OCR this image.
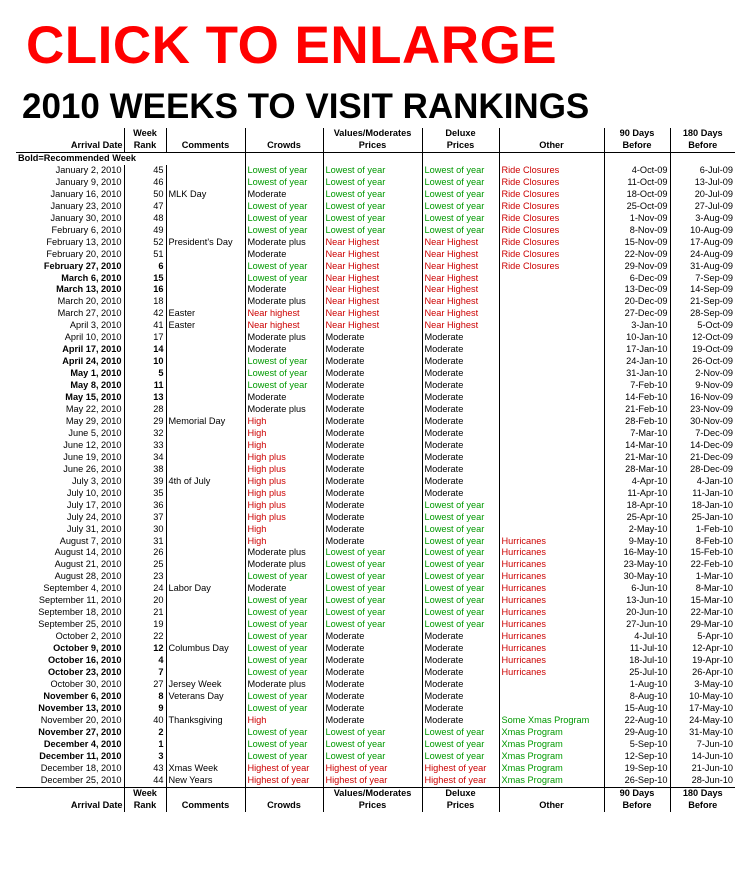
CLICK TO ENLARGE
2010 WEEKS TO VISIT RANKINGS
	Week			Values/Moderates	Deluxe		90 Days	180 Days
Arrival Date	Rank	Comments	Crowds	Prices	Prices	Other	Before	Before
Bold=Recommended Week								
January 2, 2010	45		Lowest of year	Lowest of year	Lowest of year	Ride Closures	4-Oct-09	6-Jul-09
January 9, 2010	46		Lowest of year	Lowest of year	Lowest of year	Ride Closures	11-Oct-09	13-Jul-09
January 16, 2010	50	MLK Day	Moderate	Lowest of year	Lowest of year	Ride Closures	18-Oct-09	20-Jul-09
January 23, 2010	47		Lowest of year	Lowest of year	Lowest of year	Ride Closures	25-Oct-09	27-Jul-09
January 30, 2010	48		Lowest of year	Lowest of year	Lowest of year	Ride Closures	1-Nov-09	3-Aug-09
February 6, 2010	49		Lowest of year	Lowest of year	Lowest of year	Ride Closures	8-Nov-09	10-Aug-09
February 13, 2010	52	President's Day	Moderate plus	Near Highest	Near Highest	Ride Closures	15-Nov-09	17-Aug-09
February 20, 2010	51		Moderate	Near Highest	Near Highest	Ride Closures	22-Nov-09	24-Aug-09
February 27, 2010	6		Lowest of year	Near Highest	Near Highest	Ride Closures	29-Nov-09	31-Aug-09
March 6, 2010	15		Lowest of year	Near Highest	Near Highest		6-Dec-09	7-Sep-09
March 13, 2010	16		Moderate	Near Highest	Near Highest		13-Dec-09	14-Sep-09
March 20, 2010	18		Moderate plus	Near Highest	Near Highest		20-Dec-09	21-Sep-09
March 27, 2010	42	Easter	Near highest	Near Highest	Near Highest		27-Dec-09	28-Sep-09
April 3, 2010	41	Easter	Near highest	Near Highest	Near Highest		3-Jan-10	5-Oct-09
April 10, 2010	17		Moderate plus	Moderate	Moderate		10-Jan-10	12-Oct-09
April 17, 2010	14		Moderate	Moderate	Moderate		17-Jan-10	19-Oct-09
April 24, 2010	10		Lowest of year	Moderate	Moderate		24-Jan-10	26-Oct-09
May 1, 2010	5		Lowest of year	Moderate	Moderate		31-Jan-10	2-Nov-09
May 8, 2010	11		Lowest of year	Moderate	Moderate		7-Feb-10	9-Nov-09
May 15, 2010	13		Moderate	Moderate	Moderate		14-Feb-10	16-Nov-09
May 22, 2010	28		Moderate plus	Moderate	Moderate		21-Feb-10	23-Nov-09
May 29, 2010	29	Memorial Day	High	Moderate	Moderate		28-Feb-10	30-Nov-09
June 5, 2010	32		High	Moderate	Moderate		7-Mar-10	7-Dec-09
June 12, 2010	33		High	Moderate	Moderate		14-Mar-10	14-Dec-09
June 19, 2010	34		High plus	Moderate	Moderate		21-Mar-10	21-Dec-09
June 26, 2010	38		High plus	Moderate	Moderate		28-Mar-10	28-Dec-09
July 3, 2010	39	4th of July	High plus	Moderate	Moderate		4-Apr-10	4-Jan-10
July 10, 2010	35		High plus	Moderate	Moderate		11-Apr-10	11-Jan-10
July 17, 2010	36		High plus	Moderate	Lowest of year		18-Apr-10	18-Jan-10
July 24, 2010	37		High plus	Moderate	Lowest of year		25-Apr-10	25-Jan-10
July 31, 2010	30		High	Moderate	Lowest of year		2-May-10	1-Feb-10
August 7, 2010	31		High	Moderate	Lowest of year	Hurricanes	9-May-10	8-Feb-10
August 14, 2010	26		Moderate plus	Lowest of year	Lowest of year	Hurricanes	16-May-10	15-Feb-10
August 21, 2010	25		Moderate plus	Lowest of year	Lowest of year	Hurricanes	23-May-10	22-Feb-10
August 28, 2010	23		Lowest of year	Lowest of year	Lowest of year	Hurricanes	30-May-10	1-Mar-10
September 4, 2010	24	Labor Day	Moderate	Lowest of year	Lowest of year	Hurricanes	6-Jun-10	8-Mar-10
September 11, 2010	20		Lowest of year	Lowest of year	Lowest of year	Hurricanes	13-Jun-10	15-Mar-10
September 18, 2010	21		Lowest of year	Lowest of year	Lowest of year	Hurricanes	20-Jun-10	22-Mar-10
September 25, 2010	19		Lowest of year	Lowest of year	Lowest of year	Hurricanes	27-Jun-10	29-Mar-10
October 2, 2010	22		Lowest of year	Moderate	Moderate	Hurricanes	4-Jul-10	5-Apr-10
October 9, 2010	12	Columbus Day	Lowest of year	Moderate	Moderate	Hurricanes	11-Jul-10	12-Apr-10
October 16, 2010	4		Lowest of year	Moderate	Moderate	Hurricanes	18-Jul-10	19-Apr-10
October 23, 2010	7		Lowest of year	Moderate	Moderate	Hurricanes	25-Jul-10	26-Apr-10
October 30, 2010	27	Jersey Week	Moderate plus	Moderate	Moderate		1-Aug-10	3-May-10
November 6, 2010	8	Veterans Day	Lowest of year	Moderate	Moderate		8-Aug-10	10-May-10
November 13, 2010	9		Lowest of year	Moderate	Moderate		15-Aug-10	17-May-10
November 20, 2010	40	Thanksgiving	High	Moderate	Moderate	Some Xmas Program	22-Aug-10	24-May-10
November 27, 2010	2		Lowest of year	Lowest of year	Lowest of year	Xmas Program	29-Aug-10	31-May-10
December 4, 2010	1		Lowest of year	Lowest of year	Lowest of year	Xmas Program	5-Sep-10	7-Jun-10
December 11, 2010	3		Lowest of year	Lowest of year	Lowest of year	Xmas Program	12-Sep-10	14-Jun-10
December 18, 2010	43	Xmas Week	Highest of year	Highest of year	Highest of year	Xmas Program	19-Sep-10	21-Jun-10
December 25, 2010	44	New Years	Highest of year	Highest of year	Highest of year	Xmas Program	26-Sep-10	28-Jun-10
	Week			Values/Moderates	Deluxe		90 Days	180 Days
Arrival Date	Rank	Comments	Crowds	Prices	Prices	Other	Before	Before
